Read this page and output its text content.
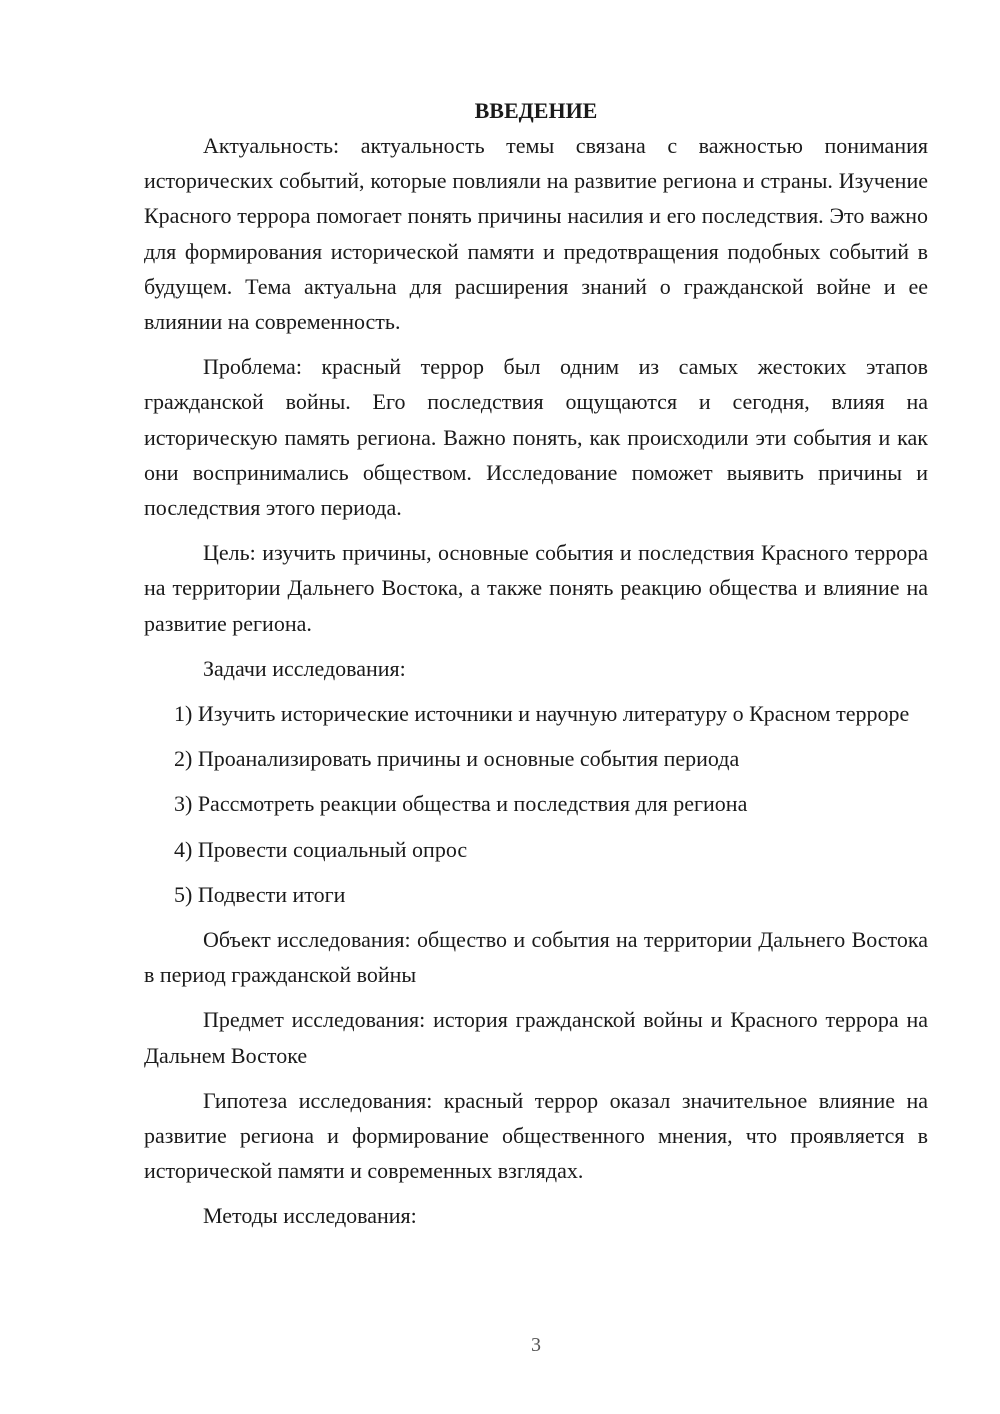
ВВЕДЕНИЕ

Актуальность: актуальность темы связана с важностью понимания исторических событий, которые повлияли на развитие региона и страны. Изучение Красного террора помогает понять причины насилия и его последствия. Это важно для формирования исторической памяти и предотвращения подобных событий в будущем. Тема актуальна для расширения знаний о гражданской войне и ее влиянии на современность.

Проблема: красный террор был одним из самых жестоких этапов гражданской войны. Его последствия ощущаются и сегодня, влияя на историческую память региона. Важно понять, как происходили эти события и как они воспринимались обществом. Исследование поможет выявить причины и последствия этого периода.

Цель: изучить причины, основные события и последствия Красного террора на территории Дальнего Востока, а также понять реакцию общества и влияние на развитие региона.

Задачи исследования:

1) Изучить исторические источники и научную литературу о Красном терроре

2) Проанализировать причины и основные события периода

3) Рассмотреть реакции общества и последствия для региона

4) Провести социальный опрос

5) Подвести итоги

Объект исследования: общество и события на территории Дальнего Востока в период гражданской войны

Предмет исследования: история гражданской войны и Красного террора на Дальнем Востоке

Гипотеза исследования: красный террор оказал значительное влияние на развитие региона и формирование общественного мнения, что проявляется в исторической памяти и современных взглядах.

Методы исследования:

3
